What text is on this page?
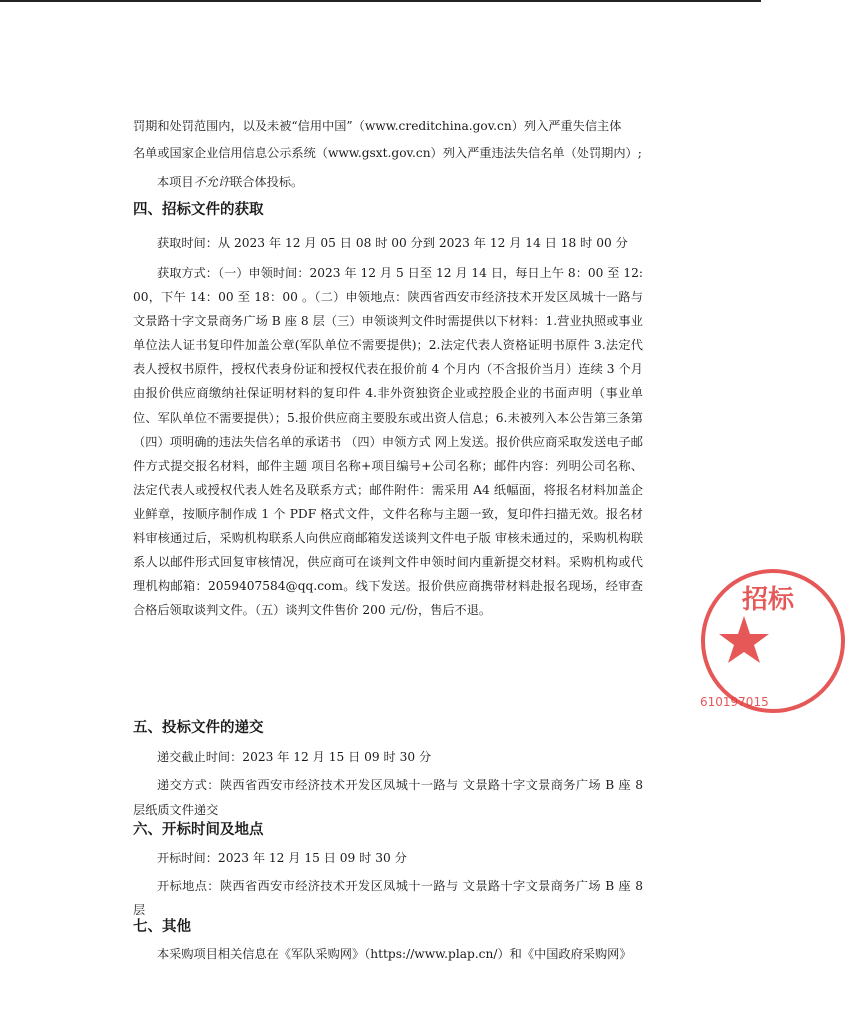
罚期和处罚范围内，以及未被“信用中国”（www.creditchina.gov.cn）列入严重失信主体

名单或国家企业信用信息公示系统（www.gsxt.gov.cn）列入严重违法失信名单（处罚期内）;

本项目不允许联合体投标。

四、招标文件的获取

获取时间：从 2023 年 12 月 05 日 08 时 00 分到 2023 年 12 月 14 日 18 时 00 分

获取方式：（一）申领时间：2023 年 12 月 5 日至 12 月 14 日，每日上午 8：00 至 12:00，下午 14：00 至 18：00 。（二）申领地点：陕西省西安市经济技术开发区凤城十一路与 文景路十字文景商务广场 B 座 8 层（三）申领谈判文件时需提供以下材料：1.营业执照或事业单位法人证书复印件加盖公章(军队单位不需要提供)；2.法定代表人资格证明书原件 3.法定代表人授权书原件，授权代表身份证和授权代表在报价前 4 个月内（不含报价当月）连续 3 个月由报价供应商缴纳社保证明材料的复印件 4.非外资独资企业或控股企业的书面声明（事业单位、军队单位不需要提供）；5.报价供应商主要股东或出资人信息；6.未被列入本公告第三条第（四）项明确的违法失信名单的承诺书 （四）申领方式 网上发送。报价供应商采取发送电子邮件方式提交报名材料，邮件主题 项目名称+项目编号+公司名称；邮件内容：列明公司名称、法定代表人或授权代表人姓名及联系方式；邮件附件：需采用 A4 纸幅面，将报名材料加盖企业鲜章，按顺序制作成 1 个 PDF 格式文件，文件名称与主题一致，复印件扫描无效。报名材料审核通过后，采购机构联系人向供应商邮箱发送谈判文件电子版 审核未通过的，采购机构联系人以邮件形式回复审核情况，供应商可在谈判文件申领时间内重新提交材料。采购机构或代理机构邮箱：2059407584@qq.com。线下发送。报价供应商携带材料赴报名现场，经审查合格后领取谈判文件。（五）谈判文件售价 200 元/份，售后不退。

五、投标文件的递交

递交截止时间：2023 年 12 月 15 日 09 时 30 分

递交方式：陕西省西安市经济技术开发区凤城十一路与 文景路十字文景商务广场 B 座 8 层纸质文件递交

六、开标时间及地点

开标时间：2023 年 12 月 15 日 09 时 30 分

开标地点：陕西省西安市经济技术开发区凤城十一路与 文景路十字文景商务广场 B 座 8 层

七、其他

本采购项目相关信息在《军队采购网》（https://www.plap.cn/）和《中国政府采购网》

招标
610197015
